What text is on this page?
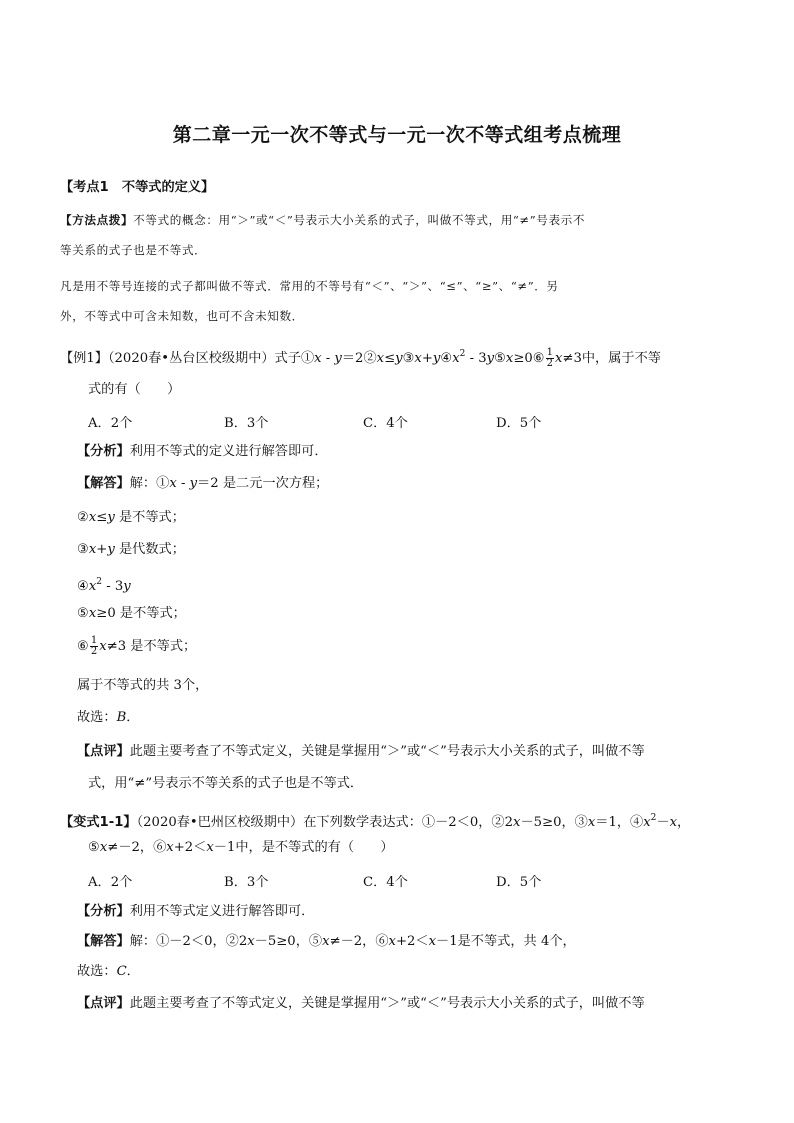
第二章一元一次不等式与一元一次不等式组考点梳理
【考点1　不等式的定义】
【方法点拨】不等式的概念：用“＞”或“＜”号表示大小关系的式子，叫做不等式，用“≠”号表示不
等关系的式子也是不等式．
凡是用不等号连接的式子都叫做不等式．常用的不等号有“＜”、“＞”、“≤”、“≥”、“≠”．另
外，不等式中可含未知数，也可不含未知数．
【例1】（2020春•丛台区校级期中）式子①x - $y=2②x\le y③x+y④x^2$ - 3y⑤x≥0⑥ $\frac{1}{2} x\ne 3$中，属于不等
式的有（　　）
A．2个	B．3个	C．4个	D．5个
【分析】利用不等式的定义进行解答即可．
【解答】解：①x - y＝2 是二元一次方程；
②x≤y 是不等式；
③x+y 是代数式；
$④x^2 - 3y$
⑤x≥0 是不等式；
⑥ $\frac{1}{2} x\ne 3$ 是不等式；
属于不等式的共 3个，
故选：B．
【点评】此题主要考查了不等式定义，关键是掌握用“＞”或“＜”号表示大小关系的式子，叫做不等
式，用“≠”号表示不等关系的式子也是不等式．
【变式1-1】（2020春•巴州区校级期中）在下列数学表达式：①－2＜0，②2x－5≥0，③x＝1，$④x^2-x$，
⑤x≠－2，⑥x+2＜x－1中，是不等式的有（　　）
A．2个	B．3个	C．4个	D．5个
【分析】利用不等式定义进行解答即可．
【解答】解：①－2＜0，②2x－5≥0，⑤x≠－2，⑥x+2＜x－1是不等式，共 4个，
故选：C．
【点评】此题主要考查了不等式定义，关键是掌握用“＞”或“＜”号表示大小关系的式子，叫做不等
